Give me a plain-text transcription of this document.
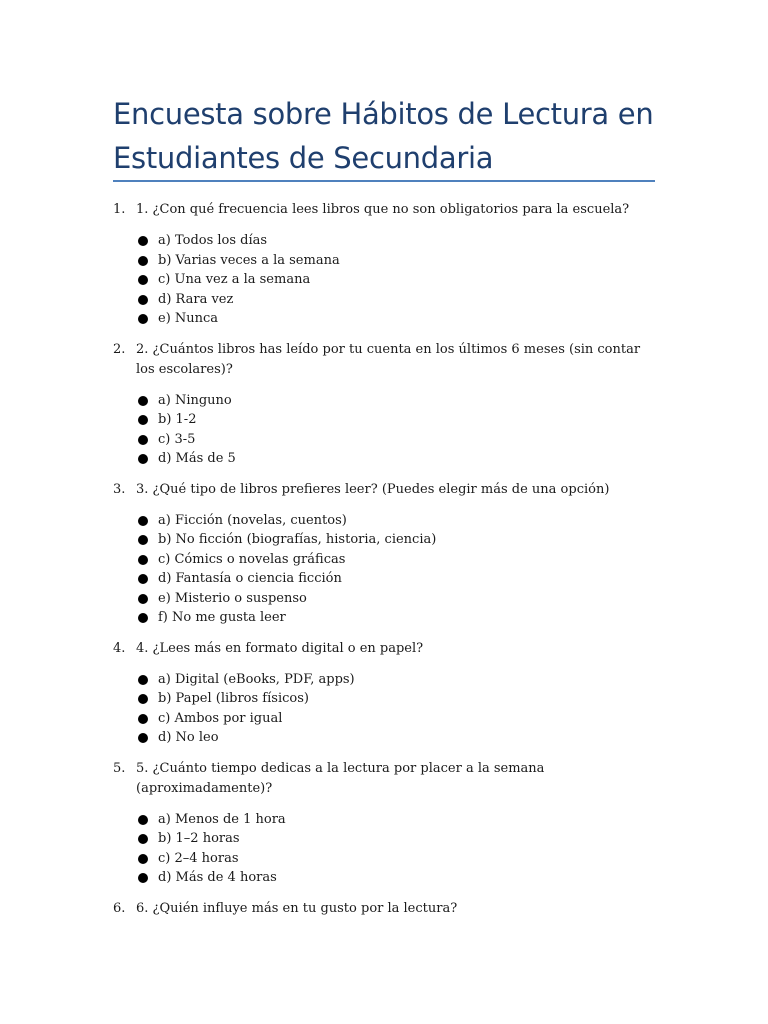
Encuesta sobre Hábitos de Lectura en Estudiantes de Secundaria

1. 1. ¿Con qué frecuencia lees libros que no son obligatorios para la escuela?

a) Todos los días
b) Varias veces a la semana
c) Una vez a la semana
d) Rara vez
e) Nunca

2. 2. ¿Cuántos libros has leído por tu cuenta en los últimos 6 meses (sin contar los escolares)?

a) Ninguno
b) 1-2
c) 3-5
d) Más de 5

3. 3. ¿Qué tipo de libros prefieres leer? (Puedes elegir más de una opción)

a) Ficción (novelas, cuentos)
b) No ficción (biografías, historia, ciencia)
c) Cómics o novelas gráficas
d) Fantasía o ciencia ficción
e) Misterio o suspenso
f) No me gusta leer

4. 4. ¿Lees más en formato digital o en papel?

a) Digital (eBooks, PDF, apps)
b) Papel (libros físicos)
c) Ambos por igual
d) No leo

5. 5. ¿Cuánto tiempo dedicas a la lectura por placer a la semana (aproximadamente)?

a) Menos de 1 hora
b) 1–2 horas
c) 2–4 horas
d) Más de 4 horas

6. 6. ¿Quién influye más en tu gusto por la lectura?
